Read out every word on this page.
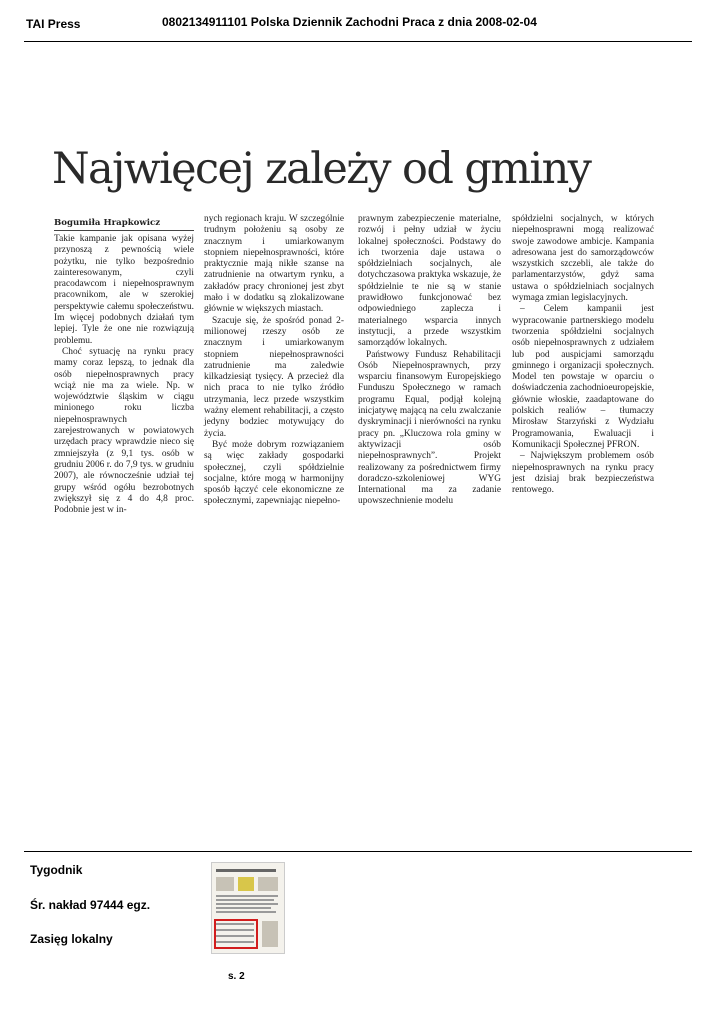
TAI Press	0802134911101 Polska Dziennik Zachodni Praca z dnia 2008-02-04
Najwięcej zależy od gminy
Bogumiła Hrapkowicz

Takie kampanie jak opisana wyżej przynoszą z pewnością wiele pożytku, nie tylko bezpośrednio zainteresowanym, czyli pracodawcom i niepełnosprawnym pracownikom, ale w szerokiej perspektywie całemu społeczeństwu. Im więcej podobnych działań tym lepiej. Tyle że one nie rozwiązują problemu.

Choć sytuację na rynku pracy mamy coraz lepszą, to jednak dla osób niepełnosprawnych pracy wciąż nie ma za wiele. Np. w województwie śląskim w ciągu minionego roku liczba niepełnosprawnych zarejestrowanych w powiatowych urzędach pracy wprawdzie nieco się zmniejszyła (z 9,1 tys. osób w grudniu 2006 r. do 7,9 tys. w grudniu 2007), ale równocześnie udział tej grupy wśród ogółu bezrobotnych zwiększył się z 4 do 4,8 proc. Podobnie jest w in-

nych regionach kraju. W szczególnie trudnym położeniu są osoby ze znacznym i umiarkowanym stopniem niepełnosprawności, które praktycznie mają nikłe szanse na zatrudnienie na otwartym rynku, a zakładów pracy chronionej jest zbyt mało i w dodatku są zlokalizowane głównie w większych miastach.

Szacuje się, że spośród ponad 2-milionowej rzeszy osób ze znacznym i umiarkowanym stopniem niepełnosprawności zatrudnienie ma zaledwie kilkadziesiąt tysięcy. A przecież dla nich praca to nie tylko źródło utrzymania, lecz przede wszystkim ważny element rehabilitacji, a często jedyny bodziec motywujący do życia.

Być może dobrym rozwiązaniem są więc zakłady gospodarki społecznej, czyli spółdzielnie socjalne, które mogą w harmonijny sposób łączyć cele ekonomiczne ze społecznymi, zapewniając niepełno-

prawnym zabezpieczenie materialne, rozwój i pełny udział w życiu lokalnej społeczności. Podstawy do ich tworzenia daje ustawa o spółdzielniach socjalnych, ale dotychczasowa praktyka wskazuje, że spółdzielnie te nie są w stanie prawidłowo funkcjonować bez odpowiedniego zaplecza i materialnego wsparcia innych instytucji, a przede wszystkim samorządów lokalnych.

Państwowy Fundusz Rehabilitacji Osób Niepełnosprawnych, przy wsparciu finansowym Europejskiego Funduszu Społecznego w ramach programu Equal, podjął kolejną inicjatywę mającą na celu zwalczanie dyskryminacji i nierówności na rynku pracy pn. „Kluczowa rola gminy w aktywizacji osób niepełnosprawnych”. Projekt realizowany za pośrednictwem firmy doradczo-szkoleniowej WYG International ma za zadanie upowszechnienie modelu

spółdzielni socjalnych, w których niepełnosprawni mogą realizować swoje zawodowe ambicje. Kampania adresowana jest do samorządowców wszystkich szczebli, ale także do parlamentarzystów, gdyż sama ustawa o spółdzielniach socjalnych wymaga zmian legislacyjnych.

– Celem kampanii jest wypracowanie partnerskiego modelu tworzenia spółdzielni socjalnych osób niepełnosprawnych z udziałem lub pod auspicjami samorządu gminnego i organizacji społecznych. Model ten powstaje w oparciu o doświadczenia zachodnioeuropejskie, głównie włoskie, zaadaptowane do polskich realiów – tłumaczy Mirosław Starzyński z Wydziału Programowania, Ewaluacji i Komunikacji Społecznej PFRON.

– Największym problemem osób niepełnosprawnych na rynku pracy jest dzisiaj brak bezpieczeństwa rentowego.

Tygodnik
Śr. nakład 97444 egz.
Zasięg lokalny
s. 2
